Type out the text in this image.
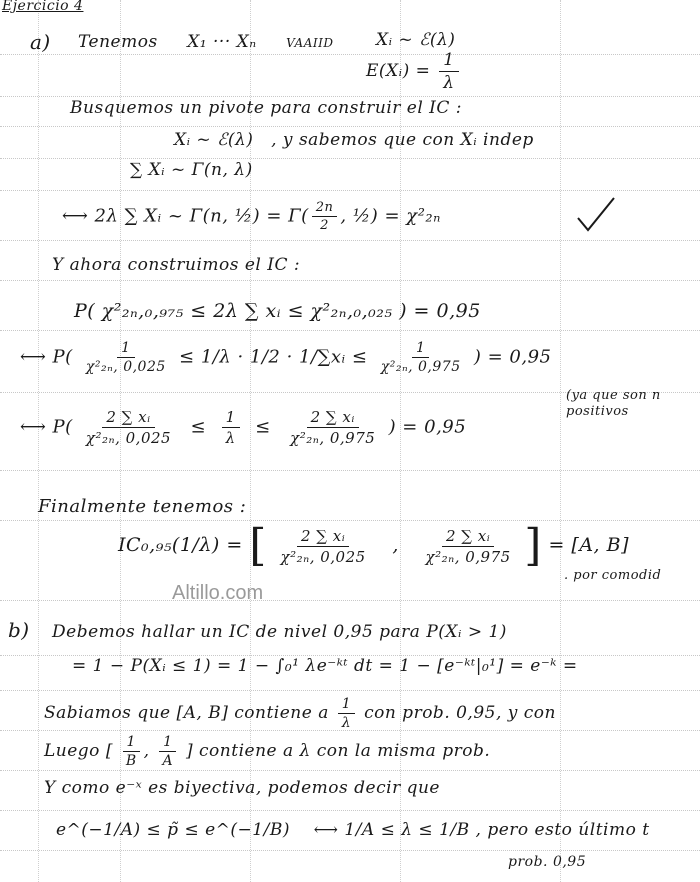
Ejercicio 4
a) Tenemos X₁ ··· Xₙ VAAIID	Xᵢ ~ ℰ(λ)
E(Xᵢ) = $\frac{1}{\lambda}$
Busquemos un pivote para construir el IC :
Xᵢ ~ ℰ(λ) , y sabemos que con Xᵢ indep
∑ Xᵢ ~ Γ(n, λ)
⟷ 2λ ∑ Xᵢ ~ Γ(n, ½) = $\Gamma( \frac{2n}{2}$ , ½) = χ²₂ₙ
Y ahora construimos el IC :
P( χ²₂ₙ,₀,₉₇₅ ≤ 2λ ∑ xᵢ ≤ χ²₂ₙ,₀,₀₂₅ ) = 0,95
⟷ $P( \frac{1}{\text{χ²₂ₙ, 0,025}} \le 1/\lambda \cdot 1/2$ · 1/∑xᵢ ≤ $\frac{1}{\text{χ²₂ₙ, 0,975}}$ ) = 0,95
(ya que son n positivos
⟷ $P( \frac{\text{2 ∑ xᵢ}}{\text{χ²₂ₙ, 0,025}} \le \frac{1}{\lambda} \le \frac{\text{2 ∑ xᵢ}}{\text{χ²₂ₙ, 0,975}}$ ) = 0,95
Finalmente tenemos :
IC₀,₉₅(1/λ) = [ $\frac{\text{2 ∑ xᵢ}}{\text{χ²₂ₙ, 0,025}}$ , $\frac{\text{2 ∑ xᵢ}}{\text{χ²₂ₙ, 0,975}}$ ] = [A, B]
. por comodid
Altillo.com
b) Debemos hallar un IC de nivel 0,95 para P(Xᵢ > 1)
= 1 − P(Xᵢ ≤ 1) = 1 − ∫₀¹ λe⁻ᵏᵗ dt = 1 − [e⁻ᵏᵗ|₀¹] = e⁻ᵏ =
Sabiamos que [A, B] contiene a $\frac{1}{\lambda}$ con prob. 0,95, y con
Luego [ $\frac{1}{B}$ , $\frac{1}{A}$ ] contiene a λ con la misma prob.
Y como e⁻ˣ es biyectiva, podemos decir que
e^(−1/A) ≤ p̃ ≤ e^(−1/B) ⟷ 1/A ≤ λ ≤ 1/B , pero esto último t
prob. 0,95
